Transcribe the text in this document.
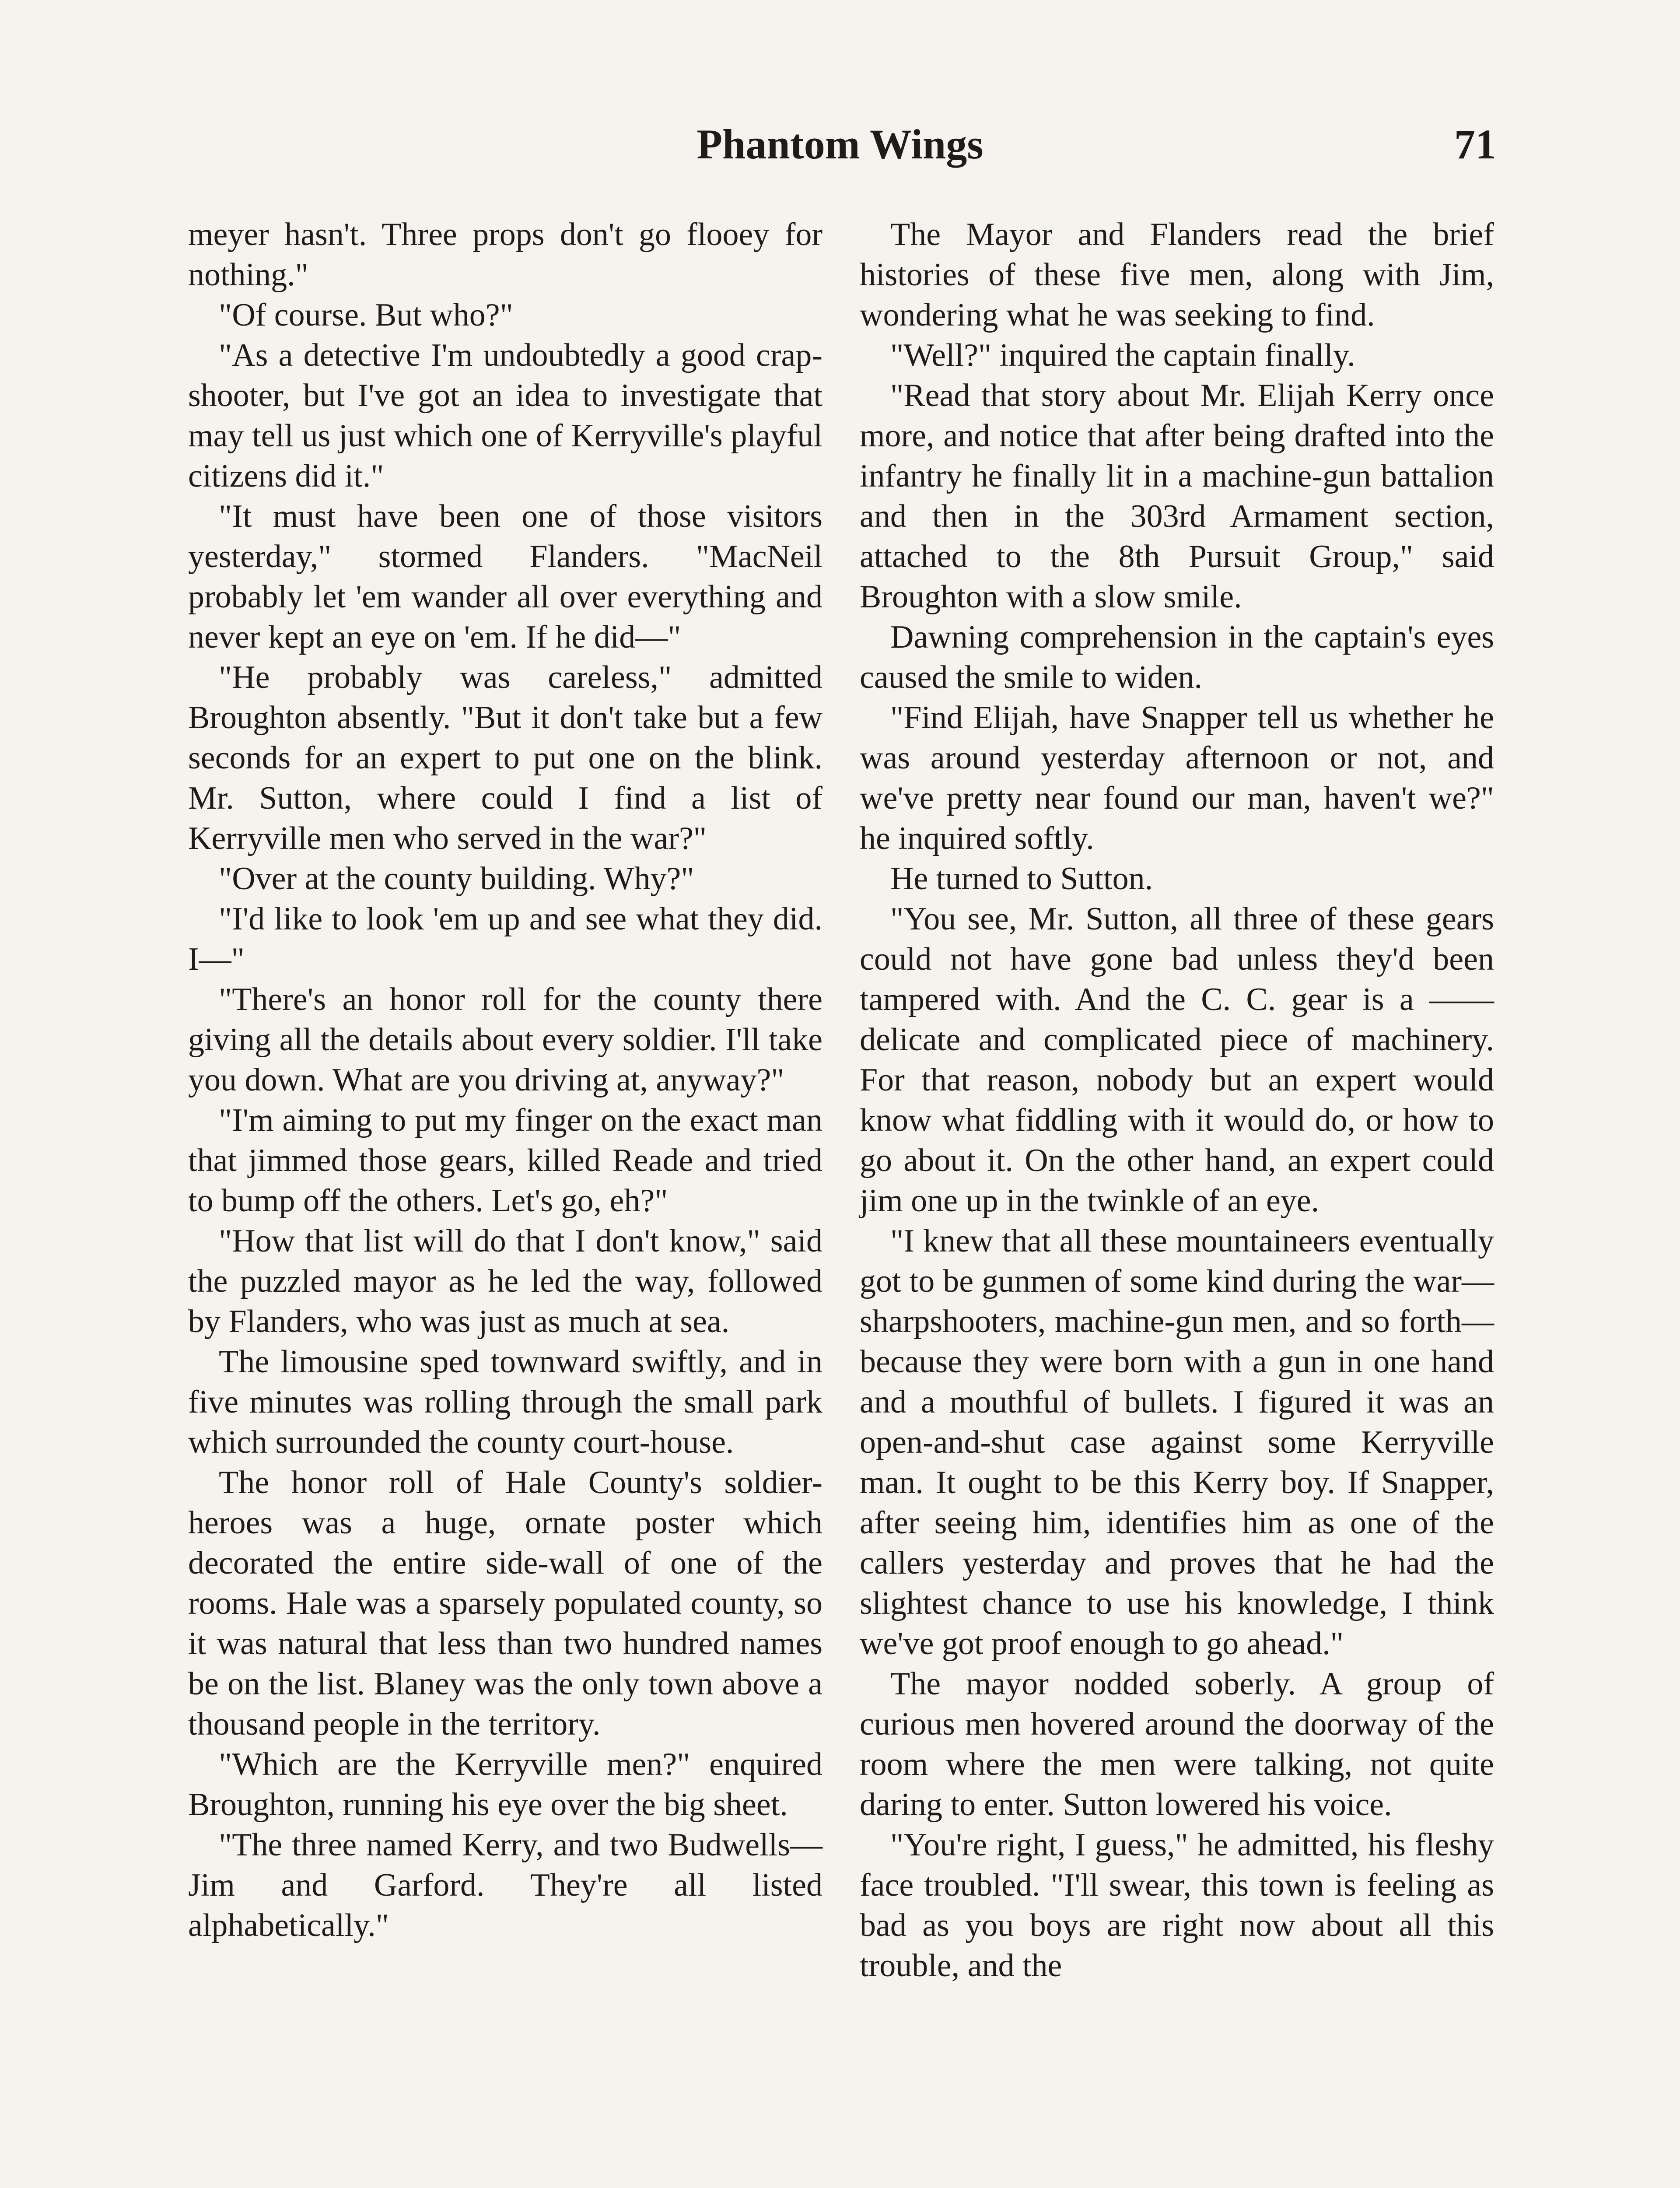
Phantom Wings	71

meyer hasn't. Three props don't go flooey for nothing."

"Of course. But who?"

"As a detective I'm undoubtedly a good crap-shooter, but I've got an idea to investigate that may tell us just which one of Kerryville's playful citizens did it."

"It must have been one of those visitors yesterday," stormed Flanders. "MacNeil probably let 'em wander all over everything and never kept an eye on 'em. If he did—"

"He probably was careless," admitted Broughton absently. "But it don't take but a few seconds for an expert to put one on the blink. Mr. Sutton, where could I find a list of Kerryville men who served in the war?"

"Over at the county building. Why?"

"I'd like to look 'em up and see what they did. I—"

"There's an honor roll for the county there giving all the details about every soldier. I'll take you down. What are you driving at, anyway?"

"I'm aiming to put my finger on the exact man that jimmed those gears, killed Reade and tried to bump off the others. Let's go, eh?"

"How that list will do that I don't know," said the puzzled mayor as he led the way, followed by Flanders, who was just as much at sea.

The limousine sped townward swiftly, and in five minutes was rolling through the small park which surrounded the county court-house.

The honor roll of Hale County's soldier-heroes was a huge, ornate poster which decorated the entire side-wall of one of the rooms. Hale was a sparsely populated county, so it was natural that less than two hundred names be on the list. Blaney was the only town above a thousand people in the territory.

"Which are the Kerryville men?" enquired Broughton, running his eye over the big sheet.

"The three named Kerry, and two Budwells—Jim and Garford. They're all listed alphabetically."

The Mayor and Flanders read the brief histories of these five men, along with Jim, wondering what he was seeking to find.

"Well?" inquired the captain finally.

"Read that story about Mr. Elijah Kerry once more, and notice that after being drafted into the infantry he finally lit in a machine-gun battalion and then in the 303rd Armament section, attached to the 8th Pursuit Group," said Broughton with a slow smile.

Dawning comprehension in the captain's eyes caused the smile to widen.

"Find Elijah, have Snapper tell us whether he was around yesterday afternoon or not, and we've pretty near found our man, haven't we?" he inquired softly.

He turned to Sutton.

"You see, Mr. Sutton, all three of these gears could not have gone bad unless they'd been tampered with. And the C. C. gear is a —— delicate and complicated piece of machinery. For that reason, nobody but an expert would know what fiddling with it would do, or how to go about it. On the other hand, an expert could jim one up in the twinkle of an eye.

"I knew that all these mountaineers eventually got to be gunmen of some kind during the war—sharpshooters, machine-gun men, and so forth—because they were born with a gun in one hand and a mouthful of bullets. I figured it was an open-and-shut case against some Kerryville man. It ought to be this Kerry boy. If Snapper, after seeing him, identifies him as one of the callers yesterday and proves that he had the slightest chance to use his knowledge, I think we've got proof enough to go ahead."

The mayor nodded soberly. A group of curious men hovered around the doorway of the room where the men were talking, not quite daring to enter. Sutton lowered his voice.

"You're right, I guess," he admitted, his fleshy face troubled. "I'll swear, this town is feeling as bad as you boys are right now about all this trouble, and the
